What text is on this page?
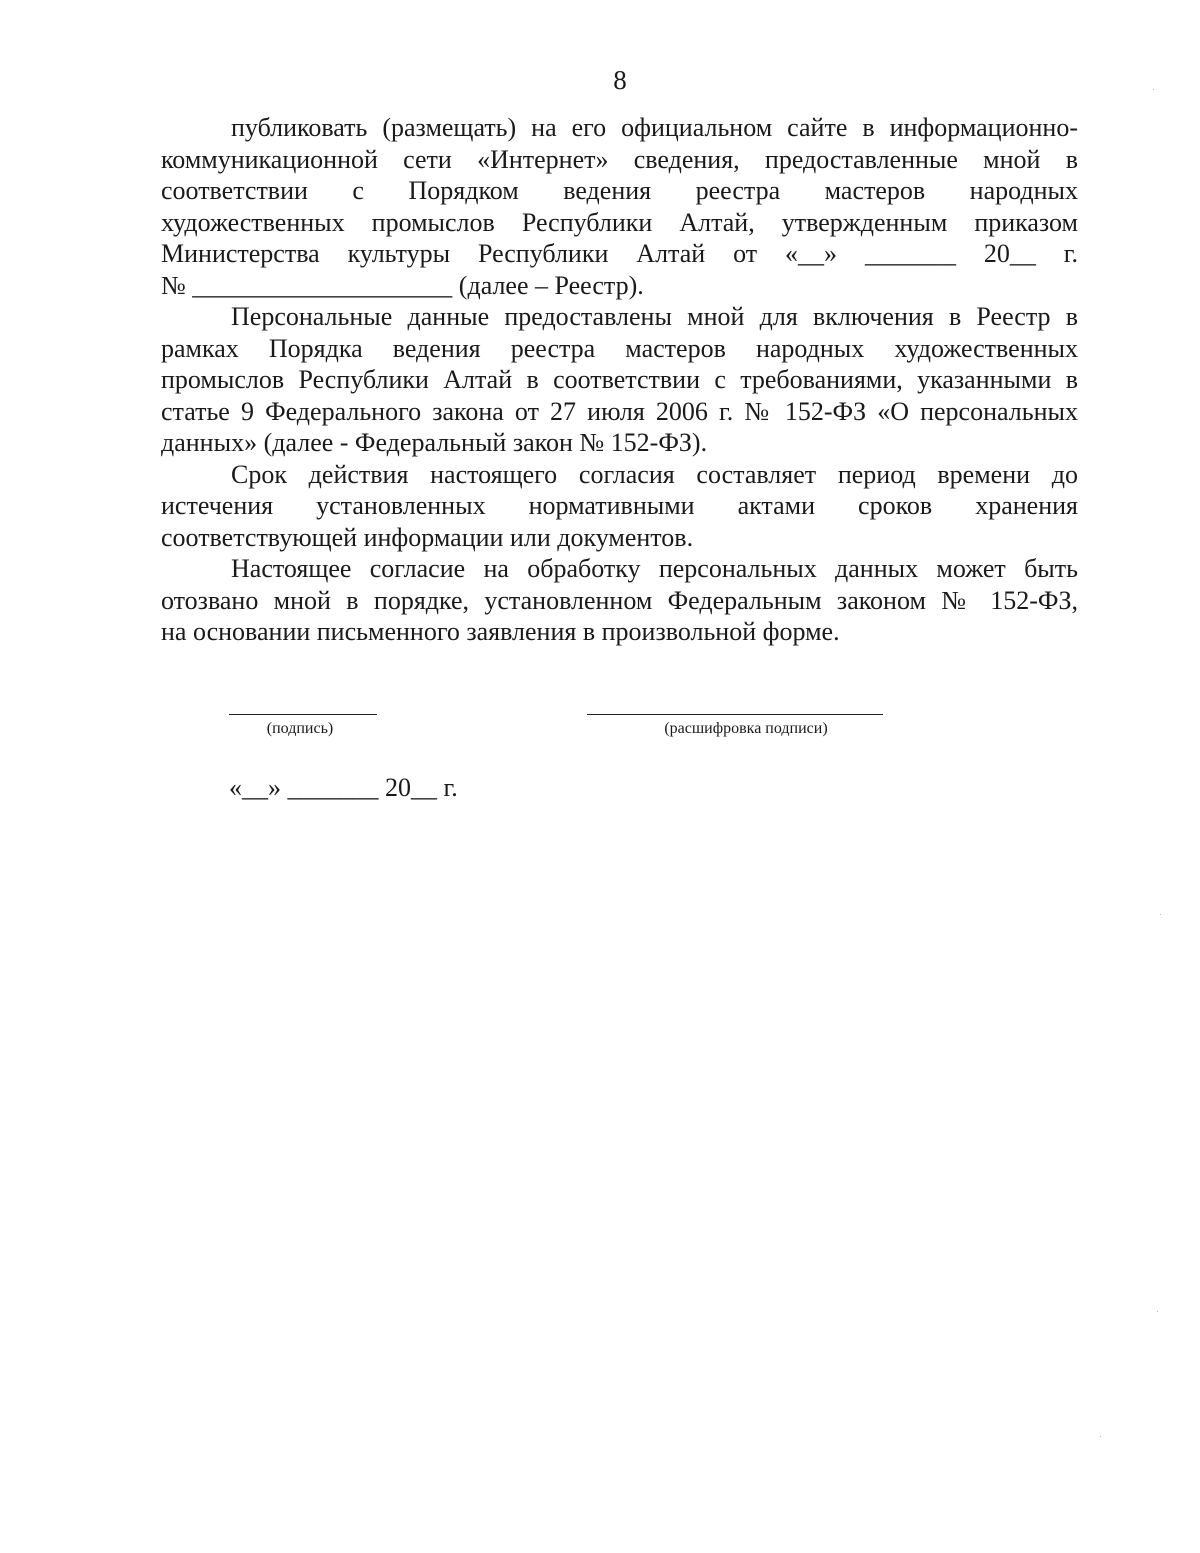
8

публиковать (размещать) на его официальном сайте в информационно-
коммуникационной сети «Интернет» сведения, предоставленные мной в
соответствии с Порядком ведения реестра мастеров народных
художественных промыслов Республики Алтай, утвержденным приказом
Министерства культуры Республики Алтай от «__» _______ 20__ г.
№ ____________________ (далее – Реестр).

Персональные данные предоставлены мной для включения в Реестр в
рамках Порядка ведения реестра мастеров народных художественных
промыслов Республики Алтай в соответствии с требованиями, указанными в
статье 9 Федерального закона от 27 июля 2006 г. № 152-ФЗ «О персональных
данных» (далее - Федеральный закон № 152-ФЗ).

Срок действия настоящего согласия составляет период времени до
истечения установленных нормативными актами сроков хранения
соответствующей информации или документов.

Настоящее согласие на обработку персональных данных может быть
отозвано мной в порядке, установленном Федеральным законом № 152-ФЗ,
на основании письменного заявления в произвольной форме.

(подпись)	(расшифровка подписи)
«__» _______ 20__ г.
